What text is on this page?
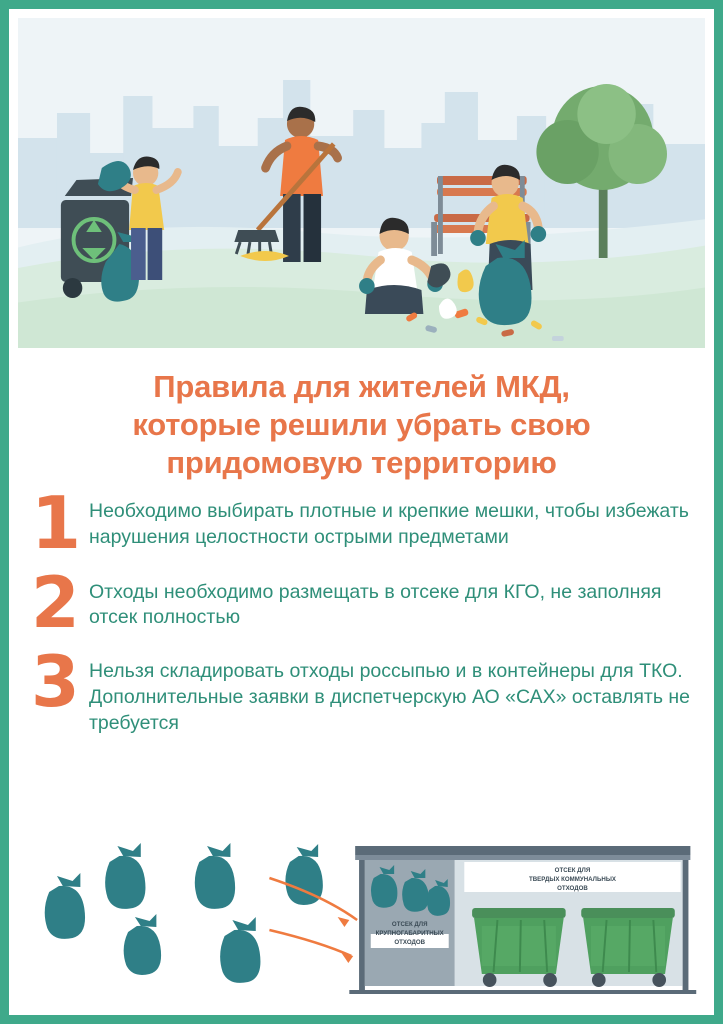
Правила для жителей МКД,
которые решили убрать свою
придомовую территорию
1 Необходимо выбирать плотные и крепкие мешки, чтобы избежать нарушения целостности острыми предметами
2 Отходы необходимо размещать в отсеке для КГО, не заполняя отсек полностью
3 Нельзя складировать отходы россыпью и в контейнеры для ТКО. Дополнительные заявки в диспетчерскую АО «САХ» оставлять не требуется
ОТСЕК ДЛЯ
КРУПНОГАБАРИТНЫХ
ОТХОДОВ
ОТСЕК ДЛЯ
ТВЕРДЫХ КОММУНАЛЬНЫХ
ОТХОДОВ
